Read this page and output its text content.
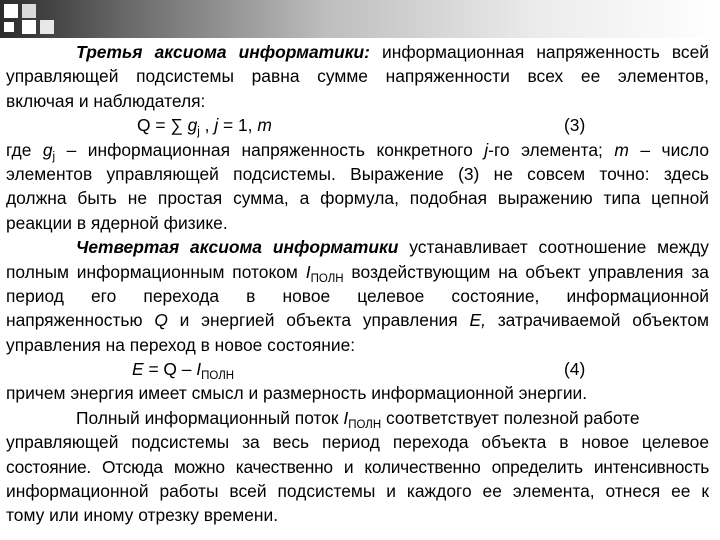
Третья аксиома информатики: информационная напряженность всей
управляющей подсистемы равна сумме напряженности всех ее элементов,
включая и наблюдателя:
Q = ∑ $g_j$ , j = 1, m	(3)
где $g_j$ – информационная напряженность конкретного j-го элемента; m – число
элементов управляющей подсистемы. Выражение (3) не совсем точно: здесь
должна быть не простая сумма, а формула, подобная выражению типа цепной
реакции в ядерной физике.
Четвертая аксиома информатики устанавливает соотношение между
полным информационным потоком $I_{ПОЛН}$ воздействующим на объект управления за
период его перехода в новое целевое состояние, информационной
напряженностью Q и энергией объекта управления E, затрачиваемой объектом
управления на переход в новое состояние:
$E = Q - I_{ПОЛН}$	(4)
причем энергия имеет смысл и размерность информационной энергии.
Полный информационный поток $I_{ПОЛН}$ соответствует полезной работе
управляющей подсистемы за весь период перехода объекта в новое целевое
состояние. Отсюда можно качественно и количественно определить интенсивность
информационной работы всей подсистемы и каждого ее элемента, отнеся ее к
тому или иному отрезку времени.
